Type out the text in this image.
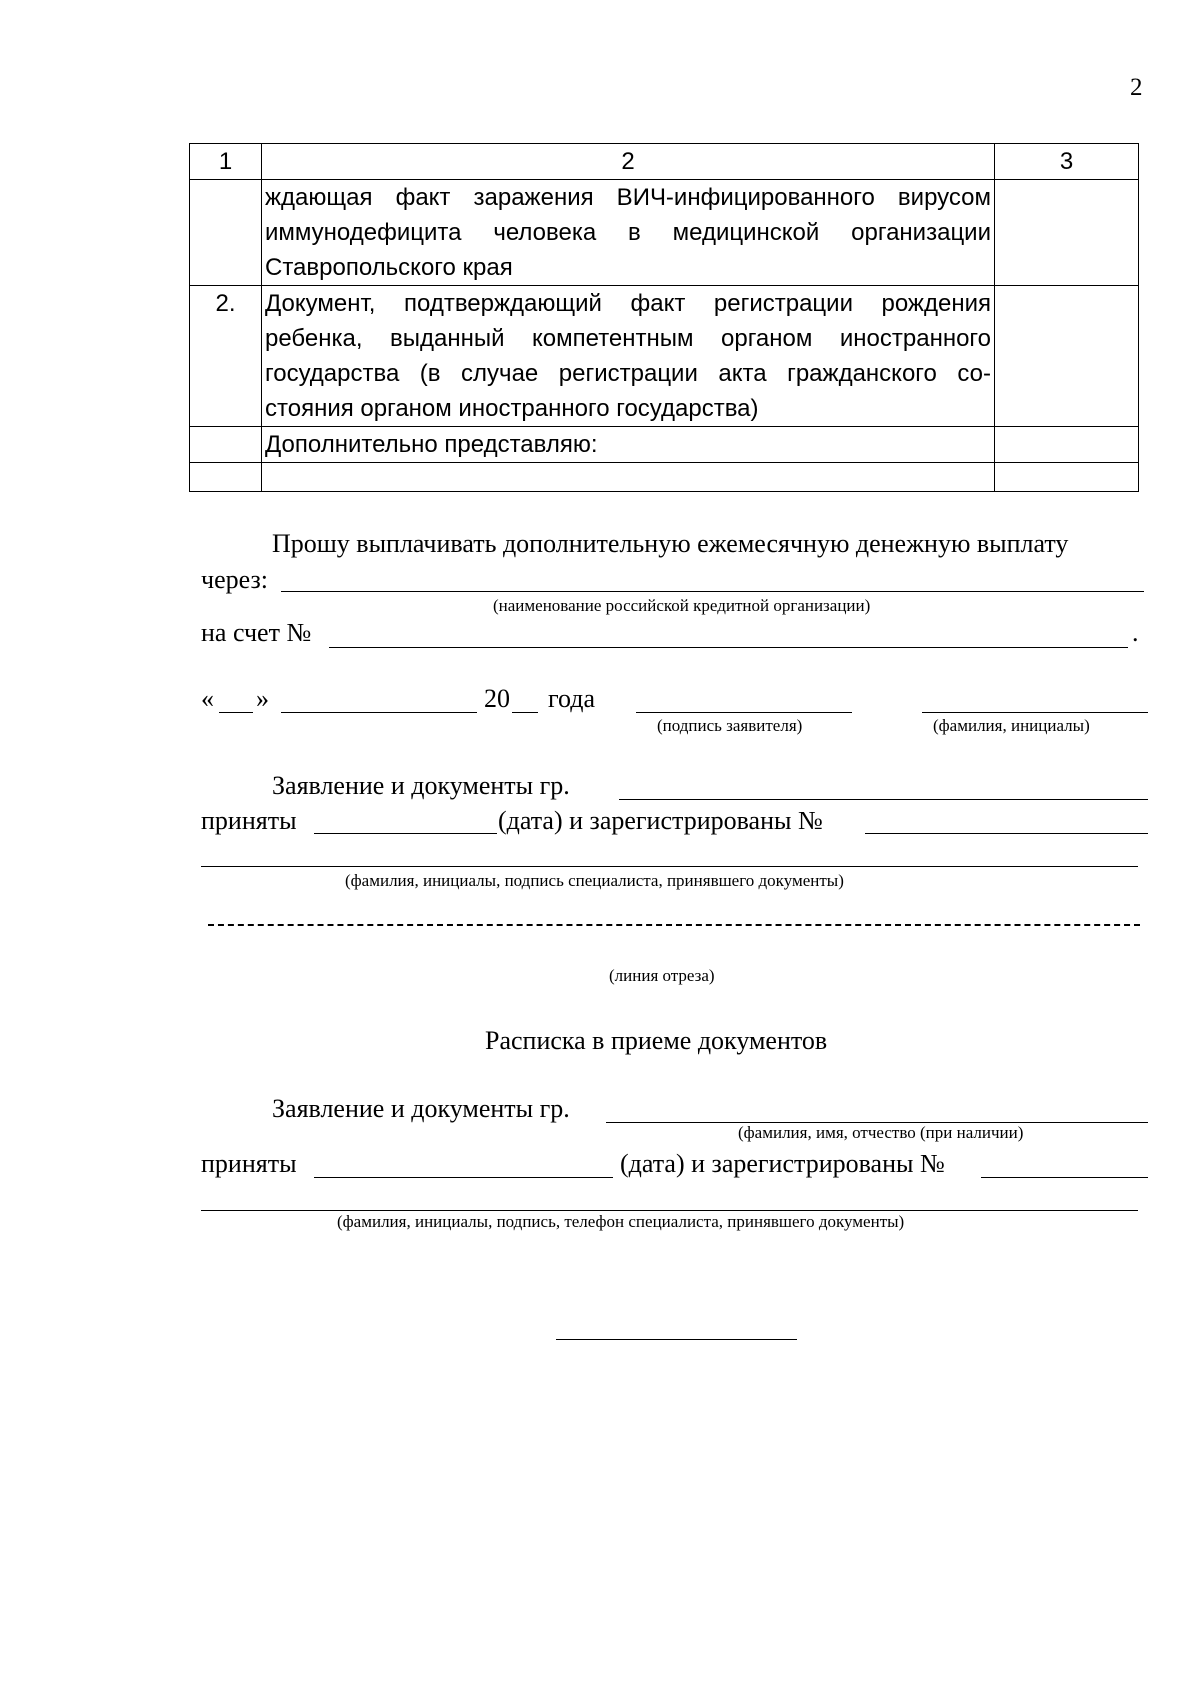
2
1	2	3
	ждающая факт заражения ВИЧ-инфицированного вирусом иммунодефицита человека в медицинской организации Ставропольского края	
2.	Документ, подтверждающий факт регистрации рождения ребенка, выданный компетентным органом иностранного государства (в случае регистрации акта гражданского со-стояния органом иностранного государства)	
	Дополнительно представляю:	

Прошу выплачивать дополнительную ежемесячную денежную выплату
через:
(наименование российской кредитной организации)
на счет №	.
« »	20 года
(подпись заявителя)	(фамилия, инициалы)
Заявление и документы гр.
приняты	(дата) и зарегистрированы №
(фамилия, инициалы, подпись специалиста, принявшего документы)
(линия отреза)
Расписка в приеме документов
Заявление и документы гр.
(фамилия, имя, отчество (при наличии)
приняты	(дата) и зарегистрированы №
(фамилия, инициалы, подпись, телефон специалиста, принявшего документы)
